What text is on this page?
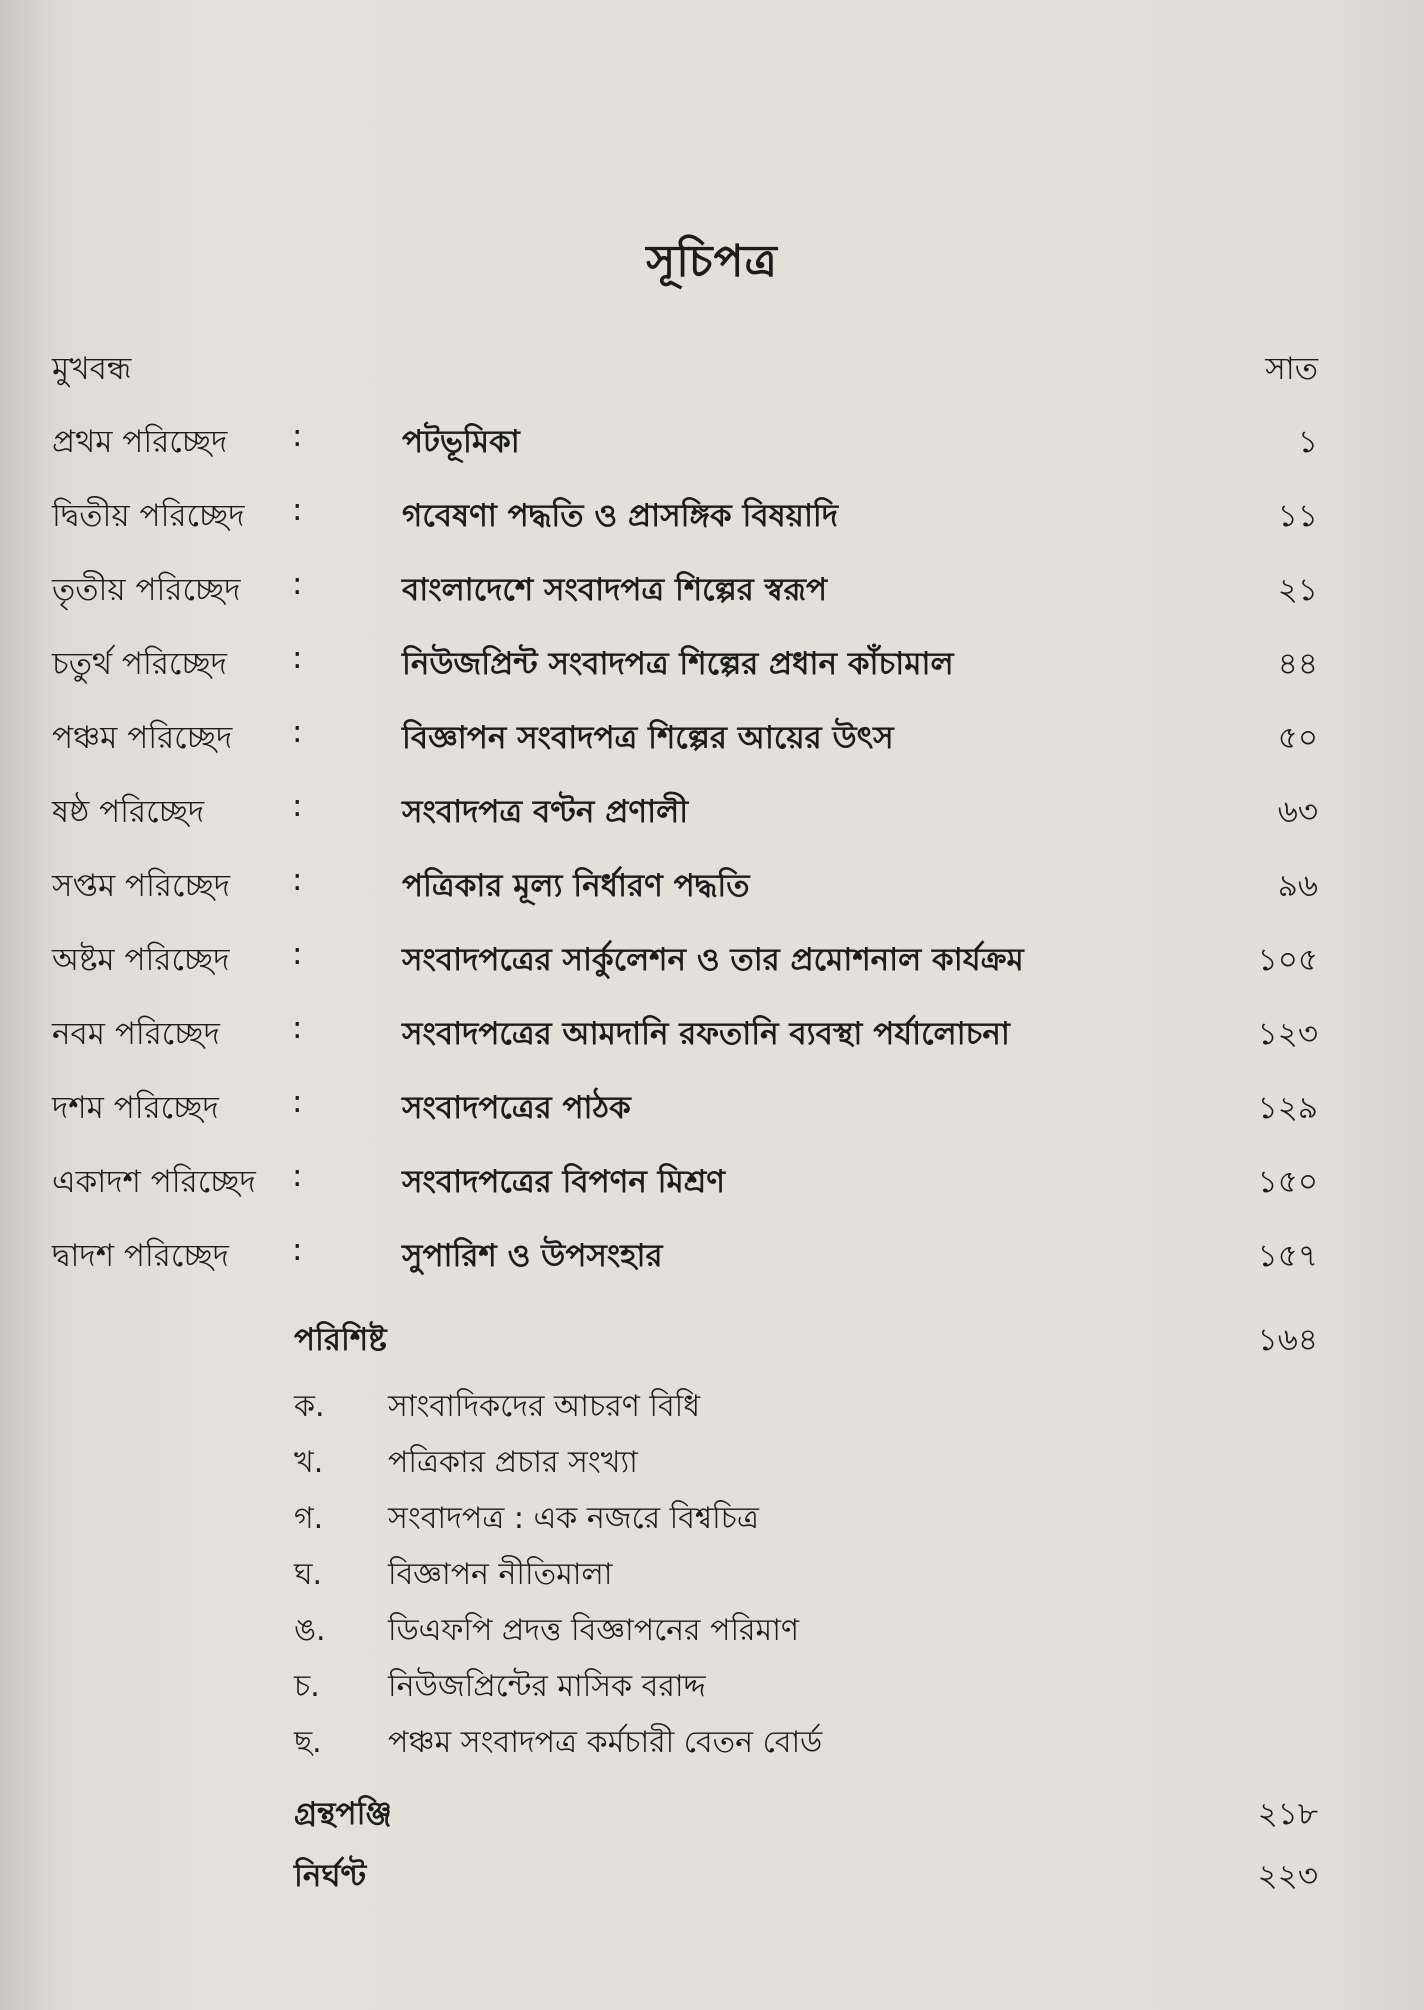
সূচিপত্র
মুখবন্ধ	সাত
প্রথম পরিচ্ছেদ :	পটভূমিকা	১
দ্বিতীয় পরিচ্ছেদ :	গবেষণা পদ্ধতি ও প্রাসঙ্গিক বিষয়াদি	১১
তৃতীয় পরিচ্ছেদ :	বাংলাদেশে সংবাদপত্র শিল্পের স্বরূপ	২১
চতুর্থ পরিচ্ছেদ :	নিউজপ্রিন্ট সংবাদপত্র শিল্পের প্রধান কাঁচামাল	৪৪
পঞ্চম পরিচ্ছেদ :	বিজ্ঞাপন সংবাদপত্র শিল্পের আয়ের উৎস	৫০
ষষ্ঠ পরিচ্ছেদ	:	সংবাদপত্র বণ্টন প্রণালী	৬৩
সপ্তম পরিচ্ছেদ :	পত্রিকার মূল্য নির্ধারণ পদ্ধতি	৯৬
অষ্টম পরিচ্ছেদ :	সংবাদপত্রের সার্কুলেশন ও তার প্রমোশনাল কার্যক্রম	১০৫
নবম পরিচ্ছেদ :	সংবাদপত্রের আমদানি রফতানি ব্যবস্থা পর্যালোচনা	১২৩
দশম পরিচ্ছেদ :	সংবাদপত্রের পাঠক	১২৯
একাদশ পরিচ্ছেদ :	সংবাদপত্রের বিপণন মিশ্রণ	১৫০
দ্বাদশ পরিচ্ছেদ :	সুপারিশ ও উপসংহার	১৫৭
পরিশিষ্ট	১৬৪
ক. সাংবাদিকদের আচরণ বিধি
খ. পত্রিকার প্রচার সংখ্যা
গ. সংবাদপত্র : এক নজরে বিশ্বচিত্র
ঘ. বিজ্ঞাপন নীতিমালা
ঙ. ডিএফপি প্রদত্ত বিজ্ঞাপনের পরিমাণ
চ. নিউজপ্রিন্টের মাসিক বরাদ্দ
ছ. পঞ্চম সংবাদপত্র কর্মচারী বেতন বোর্ড
গ্রন্থপঞ্জি	২১৮
নির্ঘণ্ট	২২৩
